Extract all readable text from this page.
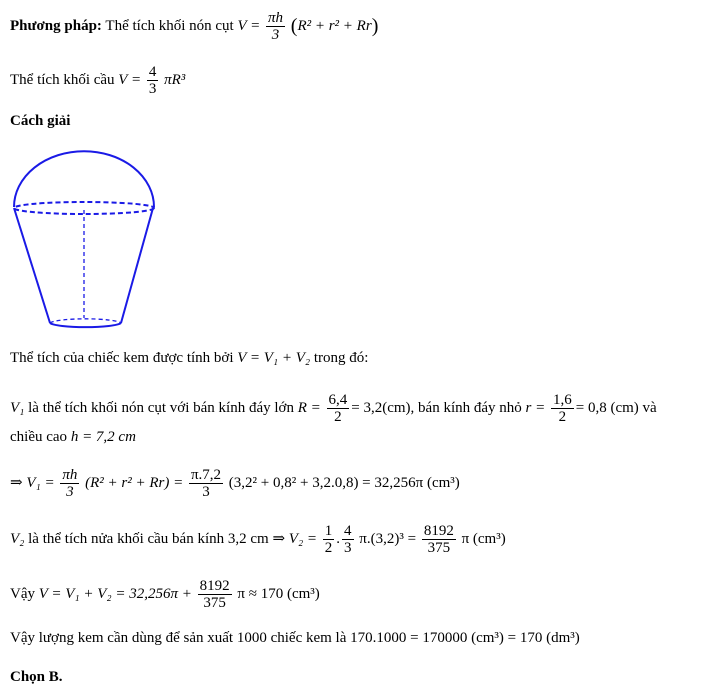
Phương pháp: Thể tích khối nón cụt $V = \frac{\pi h}{3} (R^2 + r^2 + Rr)$
Thể tích khối cầu $V = \frac{4}{3} \pi R^3$
Cách giải
Thể tích của chiếc kem được tính bởi V = V₁ + V₂ trong đó:
V₁ là thể tích khối nón cụt với bán kính đáy lớn $R = \frac{6,4}{2} = 3,2(cm)$, bán kính đáy nhỏ $r = \frac{1,6}{2} = 0,8$ (cm) và
chiều cao h = 7,2 cm
⇒ $V_1 = \frac{\pi h}{3} (R^2 + r^2 + Rr) = \frac{\pi.7,2}{3} (3,2^2 + 0,8^2 + 3,2.0,8) = 32,256\pi$ (cm³)
V₂ là thể tích nửa khối cầu bán kính 3,2 cm ⇒ $V_2 = \frac{1}{2}$ . $\frac{4}{3} \pi.(3,2)^3 = \frac{8192}{375}$ π (cm³)
Vậy $V = V_1 + V_2 = 32,256\pi + \frac{8192}{375}$ π ≈ 170 (cm³)
Vậy lượng kem cần dùng để sản xuất 1000 chiếc kem là 170.1000 = 170000 (cm³) = 170 (dm³)
Chọn B.
